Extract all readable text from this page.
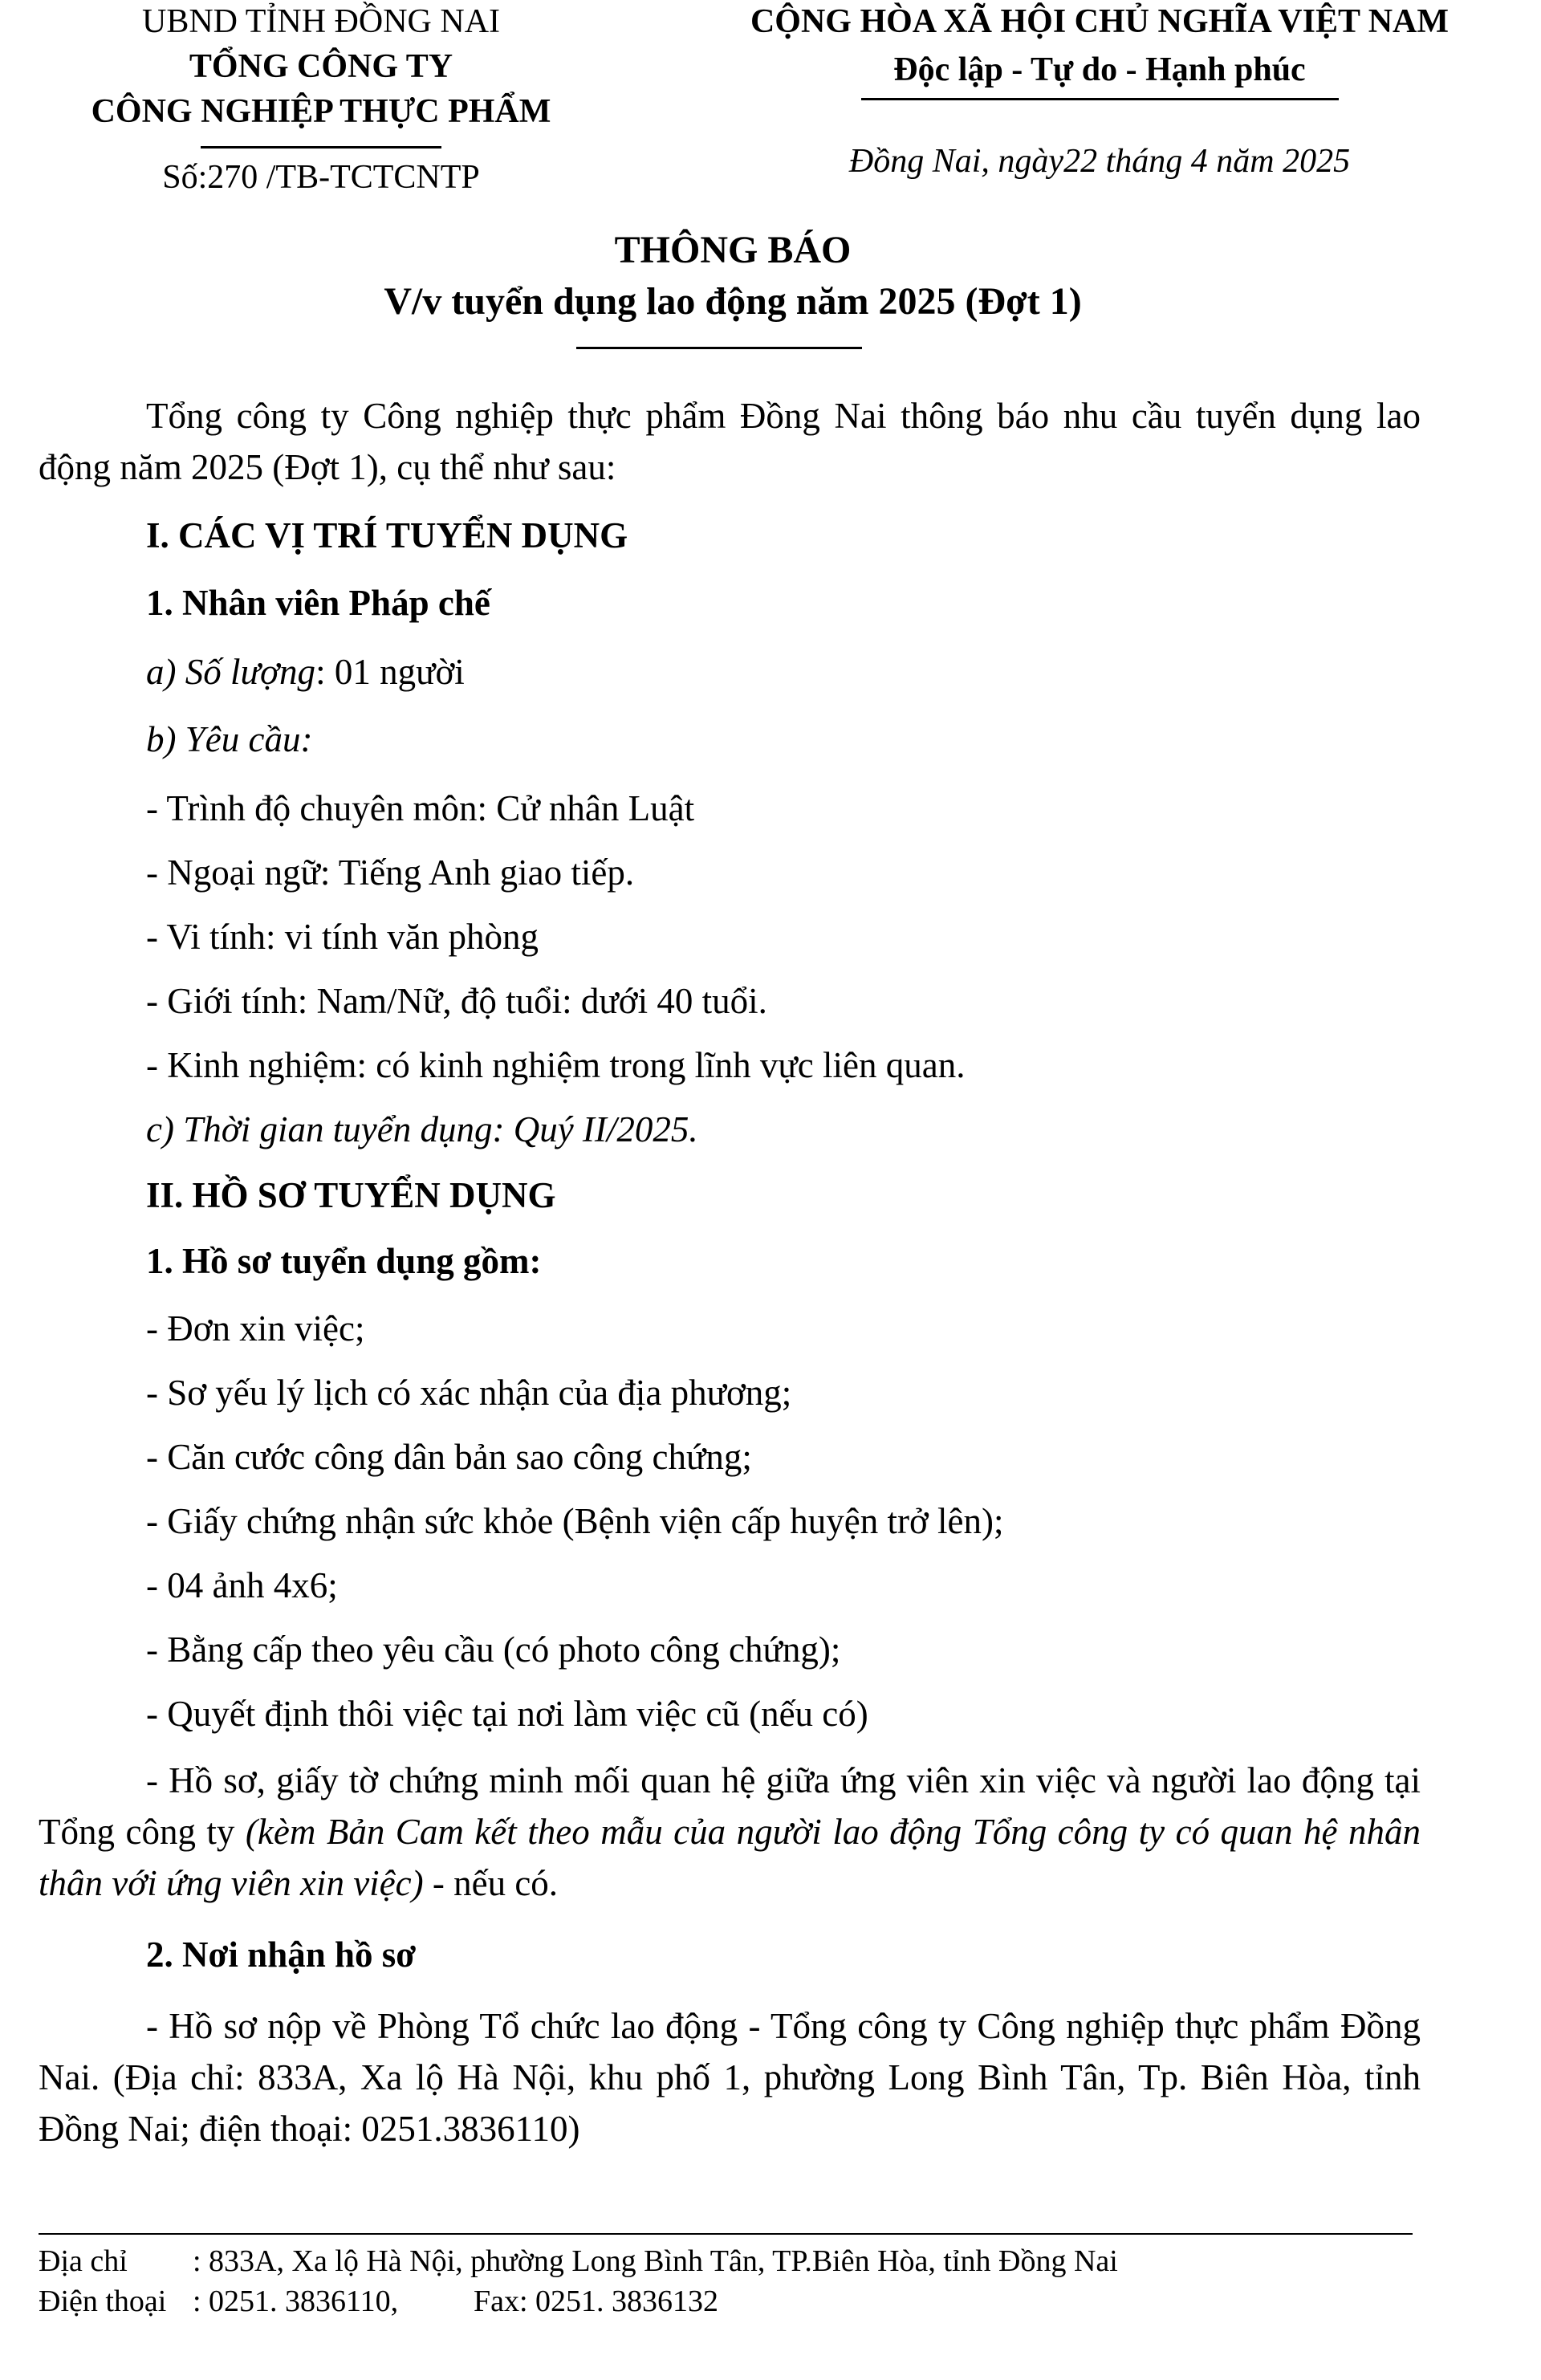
UBND TỈNH ĐỒNG NAI
TỔNG CÔNG TY
CÔNG NGHIỆP THỰC PHẨM
Số:270 /TB-TCTCNTP
CỘNG HÒA XÃ HỘI CHỦ NGHĨA VIỆT NAM
Độc lập - Tự do - Hạnh phúc
Đồng Nai, ngày22 tháng 4 năm 2025
THÔNG BÁO
V/v tuyển dụng lao động năm 2025 (Đợt 1)
Tổng công ty Công nghiệp thực phẩm Đồng Nai thông báo nhu cầu tuyển dụng lao động năm 2025 (Đợt 1), cụ thể như sau:
I. CÁC VỊ TRÍ TUYỂN DỤNG
1. Nhân viên Pháp chế
a) Số lượng: 01 người
b) Yêu cầu:
- Trình độ chuyên môn: Cử nhân Luật
- Ngoại ngữ: Tiếng Anh giao tiếp.
- Vi tính: vi tính văn phòng
- Giới tính: Nam/Nữ, độ tuổi: dưới 40 tuổi.
- Kinh nghiệm: có kinh nghiệm trong lĩnh vực liên quan.
c) Thời gian tuyển dụng: Quý II/2025.
II. HỒ SƠ TUYỂN DỤNG
1. Hồ sơ tuyển dụng gồm:
- Đơn xin việc;
- Sơ yếu lý lịch có xác nhận của địa phương;
- Căn cước công dân bản sao công chứng;
- Giấy chứng nhận sức khỏe (Bệnh viện cấp huyện trở lên);
- 04 ảnh 4x6;
- Bằng cấp theo yêu cầu (có photo công chứng);
- Quyết định thôi việc tại nơi làm việc cũ (nếu có)
- Hồ sơ, giấy tờ chứng minh mối quan hệ giữa ứng viên xin việc và người lao động tại Tổng công ty (kèm Bản Cam kết theo mẫu của người lao động Tổng công ty có quan hệ nhân thân với ứng viên xin việc) - nếu có.
2. Nơi nhận hồ sơ
- Hồ sơ nộp về Phòng Tổ chức lao động - Tổng công ty Công nghiệp thực phẩm Đồng Nai. (Địa chỉ: 833A, Xa lộ Hà Nội, khu phố 1, phường Long Bình Tân, Tp. Biên Hòa, tỉnh Đồng Nai; điện thoại: 0251.3836110)
Địa chỉ : 833A, Xa lộ Hà Nội, phường Long Bình Tân, TP.Biên Hòa, tỉnh Đồng Nai
Điện thoại : 0251. 3836110, Fax: 0251. 3836132
